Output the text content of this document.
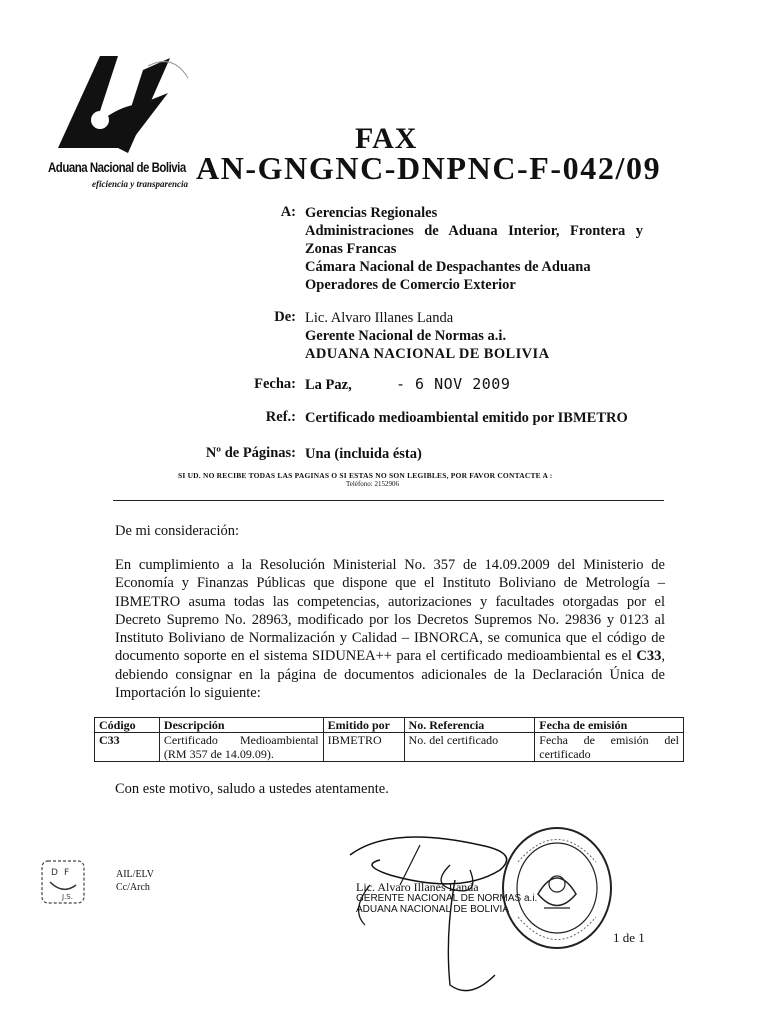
Aduana Nacional de Bolivia
eficiencia y transparencia
FAX
AN-GNGNC-DNPNC-F-042/09
A: Gerencias Regionales
Administraciones de Aduana Interior, Frontera y
Zonas Francas
Cámara Nacional de Despachantes de Aduana
Operadores de Comercio Exterior
De: Lic. Alvaro Illanes Landa
Gerente Nacional de Normas a.i.
ADUANA NACIONAL DE BOLIVIA
Fecha: La Paz,	- 6 NOV 2009
Ref.: Certificado medioambiental emitido por IBMETRO
Nº de Páginas: Una (incluida ésta)
SI UD. NO RECIBE TODAS LAS PAGINAS O SI ESTAS NO SON LEGIBLES, POR FAVOR CONTACTE A :
Teléfono: 2152906
De mi consideración:
En cumplimiento a la Resolución Ministerial No. 357 de 14.09.2009 del Ministerio de Economía y Finanzas Públicas que dispone que el Instituto Boliviano de Metrología – IBMETRO asuma todas las competencias, autorizaciones y facultades otorgadas por el Decreto Supremo No. 28963, modificado por los Decretos Supremos No. 29836 y 0123 al Instituto Boliviano de Normalización y Calidad – IBNORCA, se comunica que el código de documento soporte en el sistema SIDUNEA++ para el certificado medioambiental es el C33, debiendo consignar en la página de documentos adicionales de la Declaración Única de Importación lo siguiente:
Código	Descripción	Emitido por	No. Referencia	Fecha de emisión
C33	Certificado Medioambiental (RM 357 de 14.09.09).	IBMETRO	No. del certificado	Fecha de emisión del certificado
Con este motivo, saludo a ustedes atentamente.
D F
J.S.
AIL/ELV
Cc/Arch	Lic. Alvaro Illanes Landa
GERENTE NACIONAL DE NORMAS a.i.
ADUANA NACIONAL DE BOLIVIA
1 de 1
